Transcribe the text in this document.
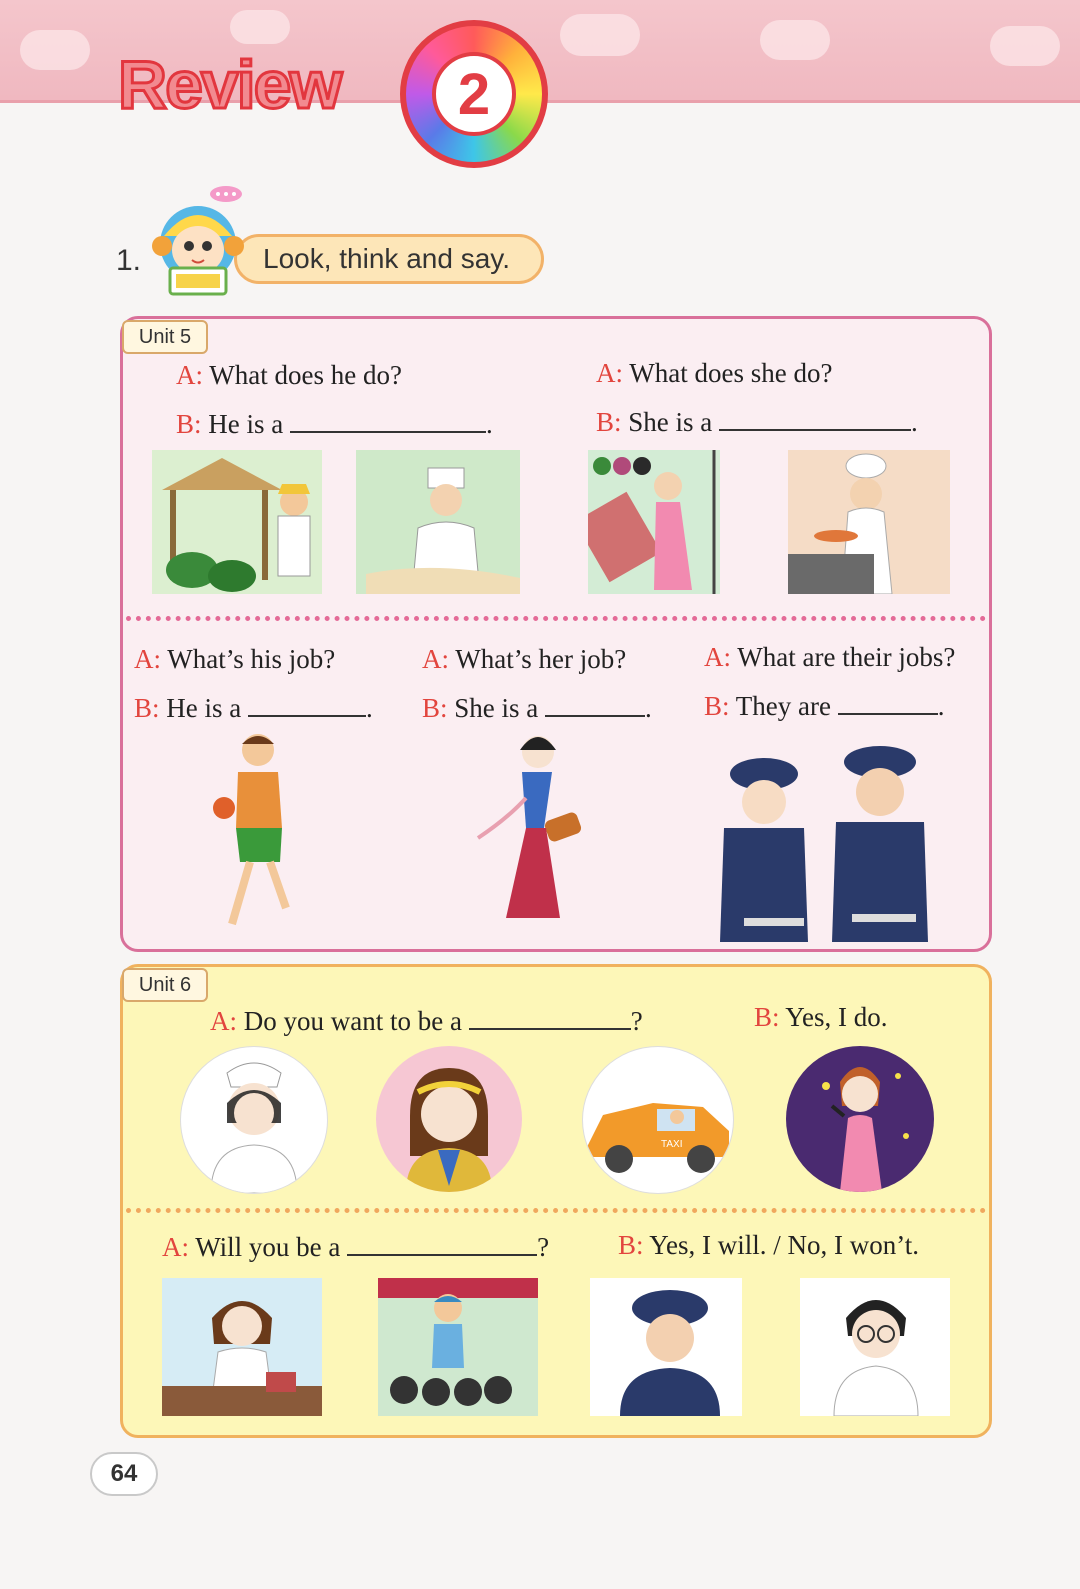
Review	2
1.	Look, think and say.
Unit 5
A: What does he do?
B: He is a	.
A: What does she do?
B: She is a	.
A: What’s his job?
B: He is a	.
A: What’s her job?
B: She is a	.
A: What are their jobs?
B: They are	.
Unit 6
A: Do you want to be a	?	B: Yes, I do.
TAXI
A: Will you be a	?	B: Yes, I will. / No, I won’t.
64
